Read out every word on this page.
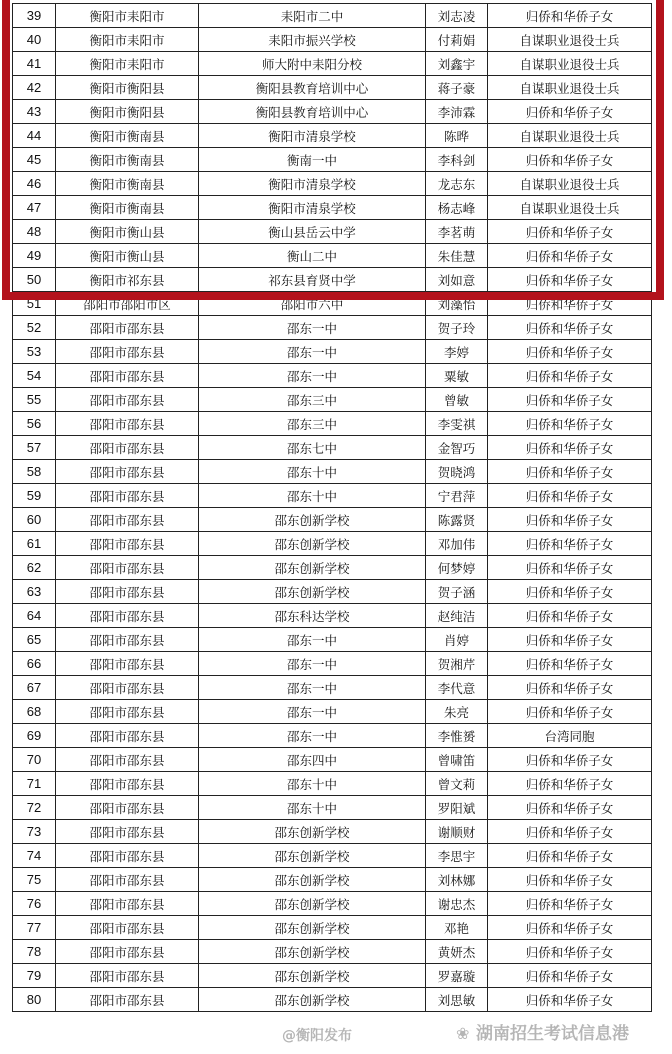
39	衡阳市耒阳市	耒阳市二中	刘志凌	归侨和华侨子女
40	衡阳市耒阳市	耒阳市振兴学校	付莉娟	自谋职业退役士兵
41	衡阳市耒阳市	师大附中耒阳分校	刘鑫宇	自谋职业退役士兵
42	衡阳市衡阳县	衡阳县教育培训中心	蒋子豪	自谋职业退役士兵
43	衡阳市衡阳县	衡阳县教育培训中心	李沛霖	归侨和华侨子女
44	衡阳市衡南县	衡阳市清泉学校	陈晔	自谋职业退役士兵
45	衡阳市衡南县	衡南一中	李科剑	归侨和华侨子女
46	衡阳市衡南县	衡阳市清泉学校	龙志东	自谋职业退役士兵
47	衡阳市衡南县	衡阳市清泉学校	杨志峰	自谋职业退役士兵
48	衡阳市衡山县	衡山县岳云中学	李茗萌	归侨和华侨子女
49	衡阳市衡山县	衡山二中	朱佳慧	归侨和华侨子女
50	衡阳市祁东县	祁东县育贤中学	刘如意	归侨和华侨子女
51	邵阳市邵阳市区	邵阳市六中	刘藻怡	归侨和华侨子女
52	邵阳市邵东县	邵东一中	贺子玲	归侨和华侨子女
53	邵阳市邵东县	邵东一中	李婷	归侨和华侨子女
54	邵阳市邵东县	邵东一中	粟敏	归侨和华侨子女
55	邵阳市邵东县	邵东三中	曾敏	归侨和华侨子女
56	邵阳市邵东县	邵东三中	李雯祺	归侨和华侨子女
57	邵阳市邵东县	邵东七中	金智巧	归侨和华侨子女
58	邵阳市邵东县	邵东十中	贺晓鸿	归侨和华侨子女
59	邵阳市邵东县	邵东十中	宁君萍	归侨和华侨子女
60	邵阳市邵东县	邵东创新学校	陈露贤	归侨和华侨子女
61	邵阳市邵东县	邵东创新学校	邓加伟	归侨和华侨子女
62	邵阳市邵东县	邵东创新学校	何梦婷	归侨和华侨子女
63	邵阳市邵东县	邵东创新学校	贺子涵	归侨和华侨子女
64	邵阳市邵东县	邵东科达学校	赵纯洁	归侨和华侨子女
65	邵阳市邵东县	邵东一中	肖婷	归侨和华侨子女
66	邵阳市邵东县	邵东一中	贺湘芹	归侨和华侨子女
67	邵阳市邵东县	邵东一中	李代意	归侨和华侨子女
68	邵阳市邵东县	邵东一中	朱亮	归侨和华侨子女
69	邵阳市邵东县	邵东一中	李惟赟	台湾同胞
70	邵阳市邵东县	邵东四中	曾啸笛	归侨和华侨子女
71	邵阳市邵东县	邵东十中	曾文莉	归侨和华侨子女
72	邵阳市邵东县	邵东十中	罗阳斌	归侨和华侨子女
73	邵阳市邵东县	邵东创新学校	谢顺财	归侨和华侨子女
74	邵阳市邵东县	邵东创新学校	李思宇	归侨和华侨子女
75	邵阳市邵东县	邵东创新学校	刘林娜	归侨和华侨子女
76	邵阳市邵东县	邵东创新学校	谢忠杰	归侨和华侨子女
77	邵阳市邵东县	邵东创新学校	邓艳	归侨和华侨子女
78	邵阳市邵东县	邵东创新学校	黄妍杰	归侨和华侨子女
79	邵阳市邵东县	邵东创新学校	罗嘉璇	归侨和华侨子女
80	邵阳市邵东县	邵东创新学校	刘思敏	归侨和华侨子女
❀ 湖南招生考试信息港
@衡阳发布
